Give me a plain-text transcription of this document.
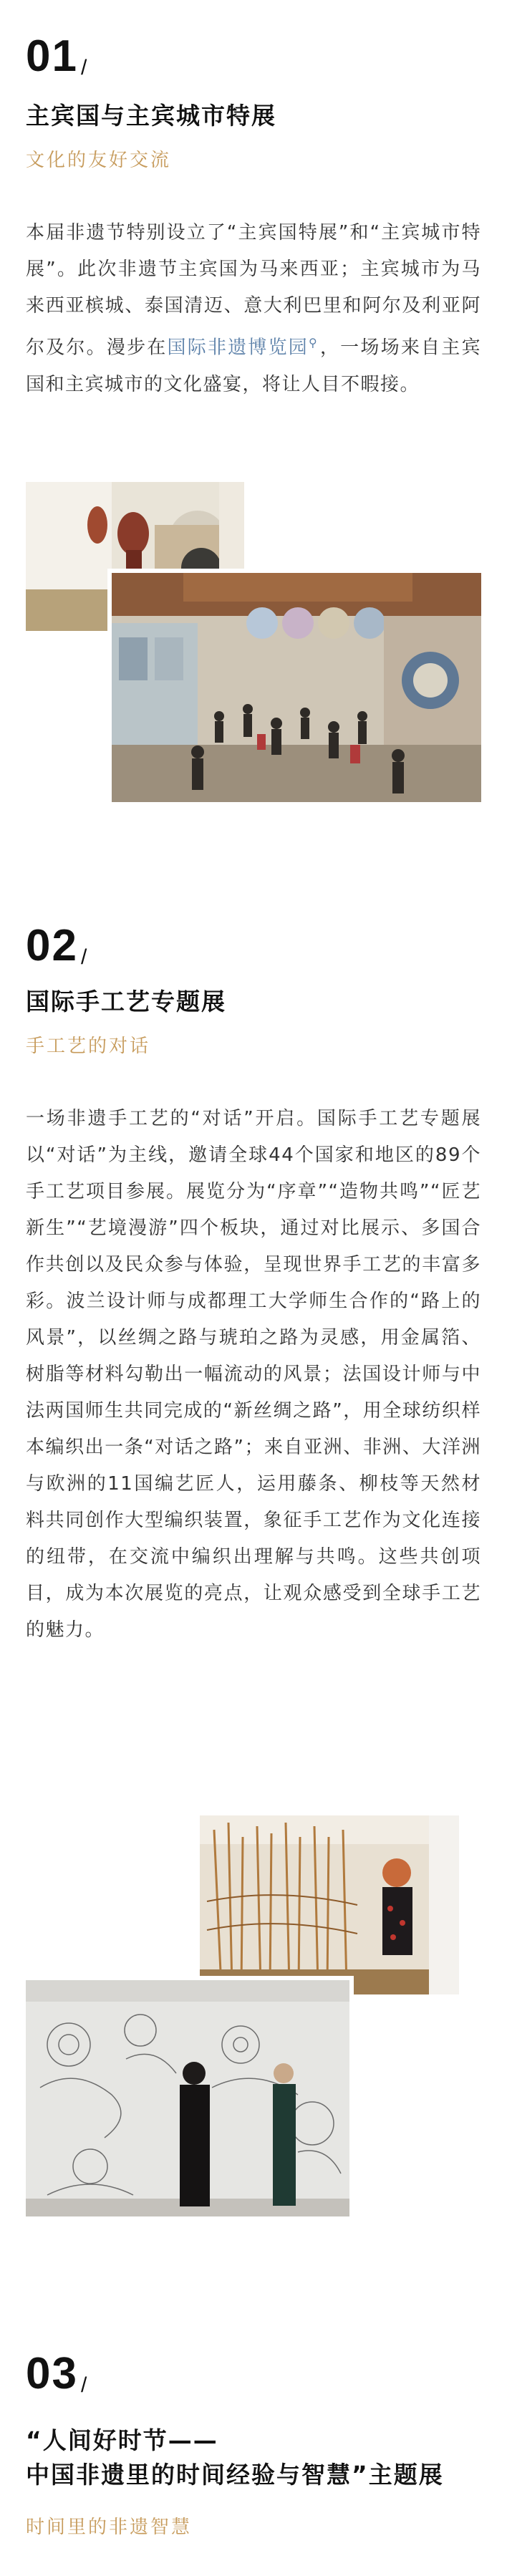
01 /
主宾国与主宾城市特展
文化的友好交流
本届非遗节特别设立了“主宾国特展”和“主宾城市特展”。此次非遗节主宾国为马来西亚；主宾城市为马来西亚槟城、泰国清迈、意大利巴里和阿尔及利亚阿尔及尔。漫步在国际非遗博览园⚲，一场场来自主宾国和主宾城市的文化盛宴，将让人目不暇接。
02 /
国际手工艺专题展
手工艺的对话
一场非遗手工艺的“对话”开启。国际手工艺专题展以“对话”为主线，邀请全球44个国家和地区的89个手工艺项目参展。展览分为“序章”“造物共鸣”“匠艺新生”“艺境漫游”四个板块，通过对比展示、多国合作共创以及民众参与体验，呈现世界手工艺的丰富多彩。波兰设计师与成都理工大学师生合作的“路上的风景”，以丝绸之路与琥珀之路为灵感，用金属箔、树脂等材料勾勒出一幅流动的风景；法国设计师与中法两国师生共同完成的“新丝绸之路”，用全球纺织样本编织出一条“对话之路”；来自亚洲、非洲、大洋洲与欧洲的11国编艺匠人，运用藤条、柳枝等天然材料共同创作大型编织装置，象征手工艺作为文化连接的纽带，在交流中编织出理解与共鸣。这些共创项目，成为本次展览的亮点，让观众感受到全球手工艺的魅力。
03 /
“人间好时节——
中国非遗里的时间经验与智慧”主题展
时间里的非遗智慧
